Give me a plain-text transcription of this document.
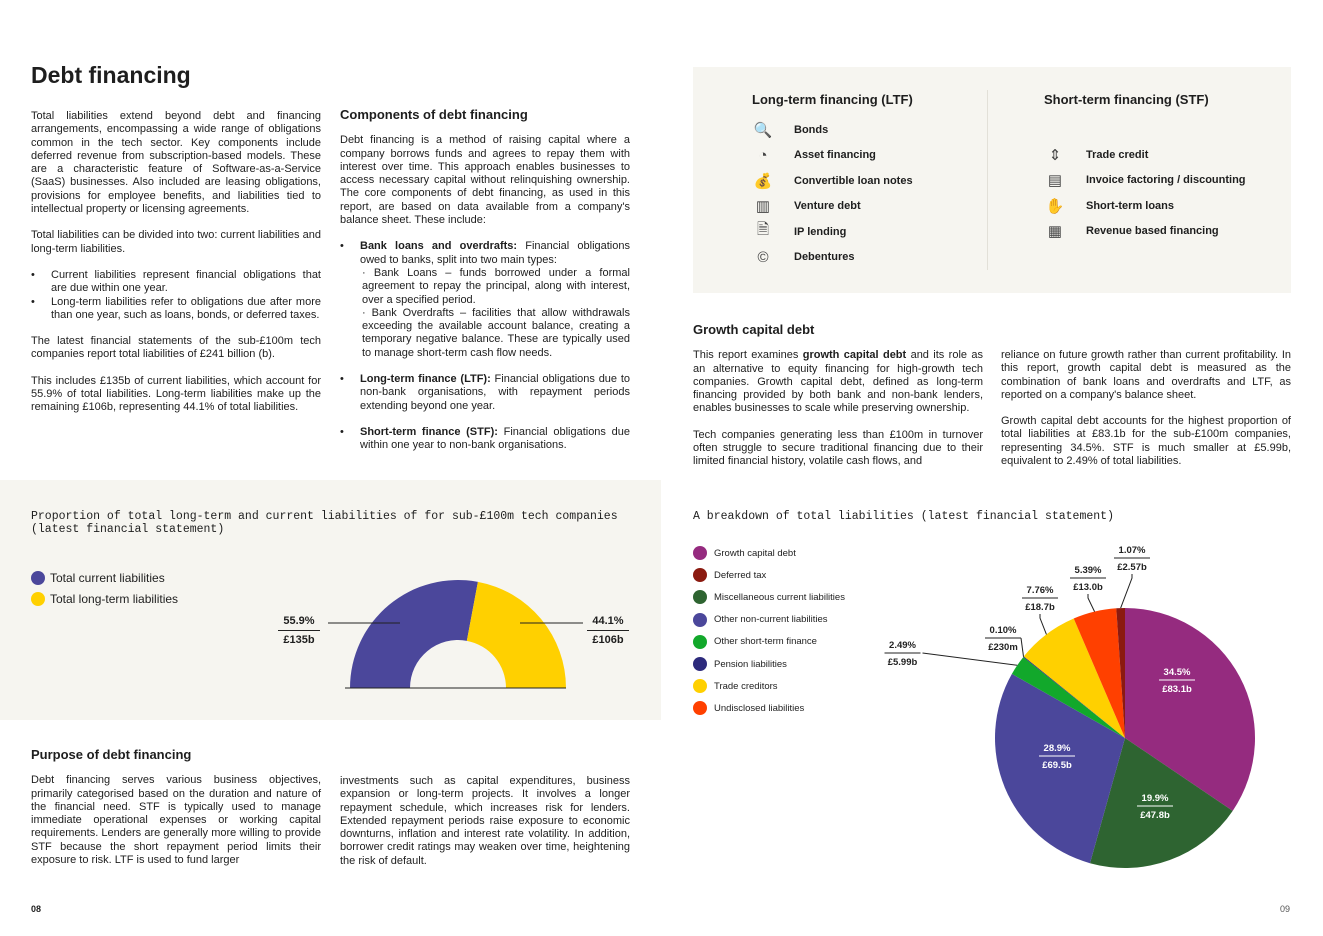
Debt financing

Total liabilities extend beyond debt and financing arrangements, encompassing a wide range of obligations common in the tech sector. Key components include deferred revenue from subscription-based models. These are a characteristic feature of Software-as-a-Service (SaaS) businesses. Also included are leasing obligations, provisions for employee benefits, and liabilities tied to intellectual property or licensing agreements.

Total liabilities can be divided into two: current liabilities and long-term liabilities.

• Current liabilities represent financial obligations that are due within one year.
• Long-term liabilities refer to obligations due after more than one year, such as loans, bonds, or deferred taxes.

The latest financial statements of the sub-£100m tech companies report total liabilities of £241 billion (b).

This includes £135b of current liabilities, which account for 55.9% of total liabilities. Long-term liabilities make up the remaining £106b, representing 44.1% of total liabilities.

Components of debt financing

Debt financing is a method of raising capital where a company borrows funds and agrees to repay them with interest over time. This approach enables businesses to access necessary capital without relinquishing ownership. The core components of debt financing, as used in this report, are based on data available from a company's balance sheet. These include:

• Bank loans and overdrafts: Financial obligations owed to banks, split into two main types:
· Bank Loans – funds borrowed under a formal agreement to repay the principal, along with interest, over a specified period.
· Bank Overdrafts – facilities that allow withdrawals exceeding the available account balance, creating a temporary negative balance. These are typically used to manage short-term cash flow needs.
• Long-term finance (LTF): Financial obligations due to non-bank organisations, with repayment periods extending beyond one year.
• Short-term finance (STF): Financial obligations due within one year to non-bank organisations.
Long-term financing (LTF)
🔍 Bonds
◔	Asset financing
💰 Convertible loan notes
▥	Venture debt
🗎	IP lending
©	Debentures
Short-term financing (STF)
⇕	Trade credit
▤	Invoice factoring / discounting
✋ Short-term loans
▦	Revenue based financing
Growth capital debt

This report examines growth capital debt and its role as an alternative to equity financing for high-growth tech companies. Growth capital debt, defined as long-term financing provided by both bank and non-bank lenders, enables businesses to scale while preserving ownership.

Tech companies generating less than £100m in turnover often struggle to secure traditional financing due to their limited financial history, volatile cash flows, and

reliance on future growth rather than current profitability. In this report, growth capital debt is measured as the combination of bank loans and overdrafts and LTF, as reported on a company's balance sheet.

Growth capital debt accounts for the highest proportion of total liabilities at £83.1b for the sub-£100m companies, representing 34.5%. STF is much smaller at £5.99b, equivalent to 2.49% of total liabilities.

Proportion of total long-term and current liabilities of for sub-£100m tech companies (latest financial statement)
Total current liabilities
Total long-term liabilities
55.9%
£135b
44.1%
£106b
A breakdown of total liabilities (latest financial statement)
Growth capital debt
Deferred tax
Miscellaneous current liabilities
Other non-current liabilities
Other short-term finance
Pension liabilities
Trade creditors
Undisclosed liabilities
34.5%
£83.1b
19.9%
£47.8b
28.9%
£69.5b
2.49%
£5.99b
0.10%
£230m
7.76%
£18.7b
5.39%
£13.0b
1.07%
£2.57b
Purpose of debt financing

Debt financing serves various business objectives, primarily categorised based on the duration and nature of the financial need. STF is typically used to manage immediate operational expenses or working capital requirements. Lenders are generally more willing to provide STF because the short repayment period limits their exposure to risk. LTF is used to fund larger

investments such as capital expenditures, business expansion or long-term projects. It involves a longer repayment schedule, which increases risk for lenders. Extended repayment periods raise exposure to economic downturns, inflation and interest rate volatility. In addition, borrower credit ratings may weaken over time, heightening the risk of default.

08	09
